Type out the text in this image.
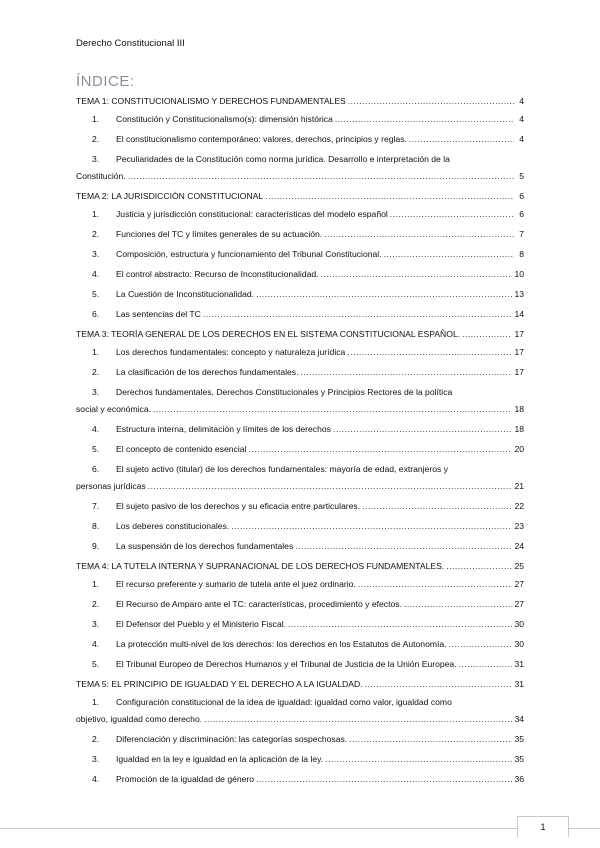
Derecho Constitucional III
ÍNDICE:
TEMA 1: CONSTITUCIONALISMO Y DERECHOS FUNDAMENTALES .....	4
1.	Constitución y Constitucionalismo(s): dimensión histórica .....	4
2.	El constitucionalismo contemporáneo: valores, derechos, principios y reglas. .....	4
3.	Peculiaridades de la Constitución como norma jurídica. Desarrollo e interpretación de la
Constitución. .....	5
TEMA 2: LA JURISDICCIÓN CONSTITUCIONAL .....	6
1.	Justicia y jurisdicción constitucional: características del modelo español .....	6
2.	Funciones del TC y límites generales de su actuación. .....	7
3.	Composición, estructura y funcionamiento del Tribunal Constitucional. .....	8
4.	El control abstracto: Recurso de Inconstitucionalidad. .....	10
5.	La Cuestión de Inconstitucionalidad. .....	13
6.	Las sentencias del TC .....	14
TEMA 3: TEORÍA GENERAL DE LOS DERECHOS EN EL SISTEMA CONSTITUCIONAL ESPAÑOL. .....	17
1.	Los derechos fundamentales: concepto y naturaleza jurídica .....	17
2.	La clasificación de los derechos fundamentales. .....	17
3.	Derechos fundamentales, Derechos Constitucionales y Principios Rectores de la política
social y económica. .....	18
4.	Estructura interna, delimitación y límites de los derechos .....	18
5.	El concepto de contenido esencial .....	20
6.	El sujeto activo (titular) de los derechos fundamentales: mayoría de edad, extranjeros y
personas jurídicas .....	21
7.	El sujeto pasivo de los derechos y su eficacia entre particulares. .....	22
8.	Los deberes constitucionales. .....	23
9.	La suspensión de los derechos fundamentales .....	24
TEMA 4: LA TUTELA INTERNA Y SUPRANACIONAL DE LOS DERECHOS FUNDAMENTALES. .....	25
1.	El recurso preferente y sumario de tutela ante el juez ordinario. .....	27
2.	El Recurso de Amparo ante el TC: características, procedimiento y efectos. .....	27
3.	El Defensor del Pueblo y el Ministerio Fiscal. .....	30
4.	La protección multi-nivel de los derechos: los derechos en los Estatutos de Autonomía. .....	30
5.	El Tribunal Europeo de Derechos Humanos y el Tribunal de Justicia de la Unión Europea. .....	31
TEMA 5: EL PRINCIPIO DE IGUALDAD Y EL DERECHO A LA IGUALDAD. .....	31
1.	Configuración constitucional de la idea de igualdad: igualdad como valor, igualdad como
objetivo, igualdad como derecho. .....	34
2.	Diferenciación y discriminación: las categorías sospechosas. .....	35
3.	Igualdad en la ley e igualdad en la aplicación de la ley. .....	35
4.	Promoción de la igualdad de género .....	36
1
